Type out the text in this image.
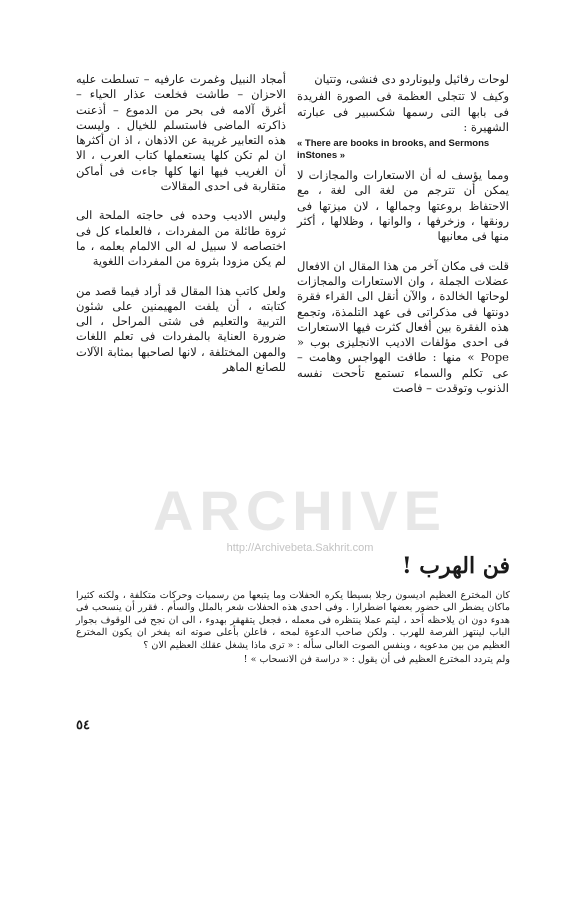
لوحات رفائيل وليوناردو دى فنشى، وتتيان

وكيف لا تتجلى العظمة فى الصورة الفريدة فى بابها التى رسمها شكسبير فى عبارته الشهيرة :

« There are books in brooks, and Sermons inStones »

ومما يؤسف له أن الاستعارات والمجازات لا يمكن أن تترجم من لغة الى لغة ، مع الاحتفاظ بروعتها وجمالها ، لان ميزتها فى رونقها ، وزخرفها ، والوانها ، وظلالها ، أكثر منها فى معانيها

قلت فى مكان آخر من هذا المقال ان الافعال عضلات الجملة ، وان الاستعارات والمجازات لوحاتها الخالدة ، والآن أنقل الى القراء فقرة دونتها فى مذكراتى فى عهد التلمذة، وتجمع هذه الفقرة بين أفعال كثرت فيها الاستعارات فى احدى مؤلفات الاديب الانجليزى بوب « Pope » منها : طافت الهواجس وهامت – عى تكلم والسماء تستمع تأححت نفسه الذنوب وتوقدت – فاصت

أمجاد النبيل وغمرت عارفيه – تسلطت عليه الاحزان – طاشت فخلعت عذار الحياء – أغرق آلامه فى بحر من الدموع – أذعنت ذاكرته الماضى فاستسلم للخيال . وليست هذه التعابير غريبة عن الاذهان ، اذ ان أكثرها ان لم تكن كلها يستعملها كتاب العرب ، الا أن الغريب فيها انها كلها جاءت فى أماكن متقاربة فى احدى المقالات

وليس الاديب وحده فى حاجته الملحة الى ثروة طائلة من المفردات ، فالعلماء كل فى اختصاصه لا سبيل له الى الالمام بعلمه ، ما لم يكن مزودا بثروة من المفردات اللغوية

ولعل كاتب هذا المقال قد أراد فيما قصد من كتابته ، أن يلفت المهيمنين على شئون التربية والتعليم فى شتى المراحل ، الى ضرورة العناية بالمفردات فى تعلم اللغات والمهن المختلفة ، لانها لصاحبها بمثابة الآلات للصانع الماهر

ARCHIVE
http://Archivebeta.Sakhrit.com
فن الهرب !

كان المخترع العظيم اديسون رجلا بسيطا يكره الحفلات وما يتبعها من رسميات وحركات متكلفة ، ولكنه كثيرا ماكان يضطر الى حضور بعضها اضطرارا . وفى احدى هذه الحفلات شعر بالملل والسأم . فقرر أن ينسحب فى هدوء دون ان يلاحظه أحد ، ليتم عملا ينتظره فى معمله ، فجعل يتقهقر بهدوء ، الى ان نجح فى الوقوف بجوار الباب لينتهز الفرصة للهرب . ولكن صاحب الدعوة لمحه ، فاعلن بأعلى صوته انه يفخر ان يكون المخترع العظيم من بين مدعويه ، وبنفس الصوت العالى سأله : « ترى ماذا يشغل عقلك العظيم الان ؟

ولم يتردد المخترع العظيم فى أن يقول : « دراسة فن الانسحاب » !

٥٤
